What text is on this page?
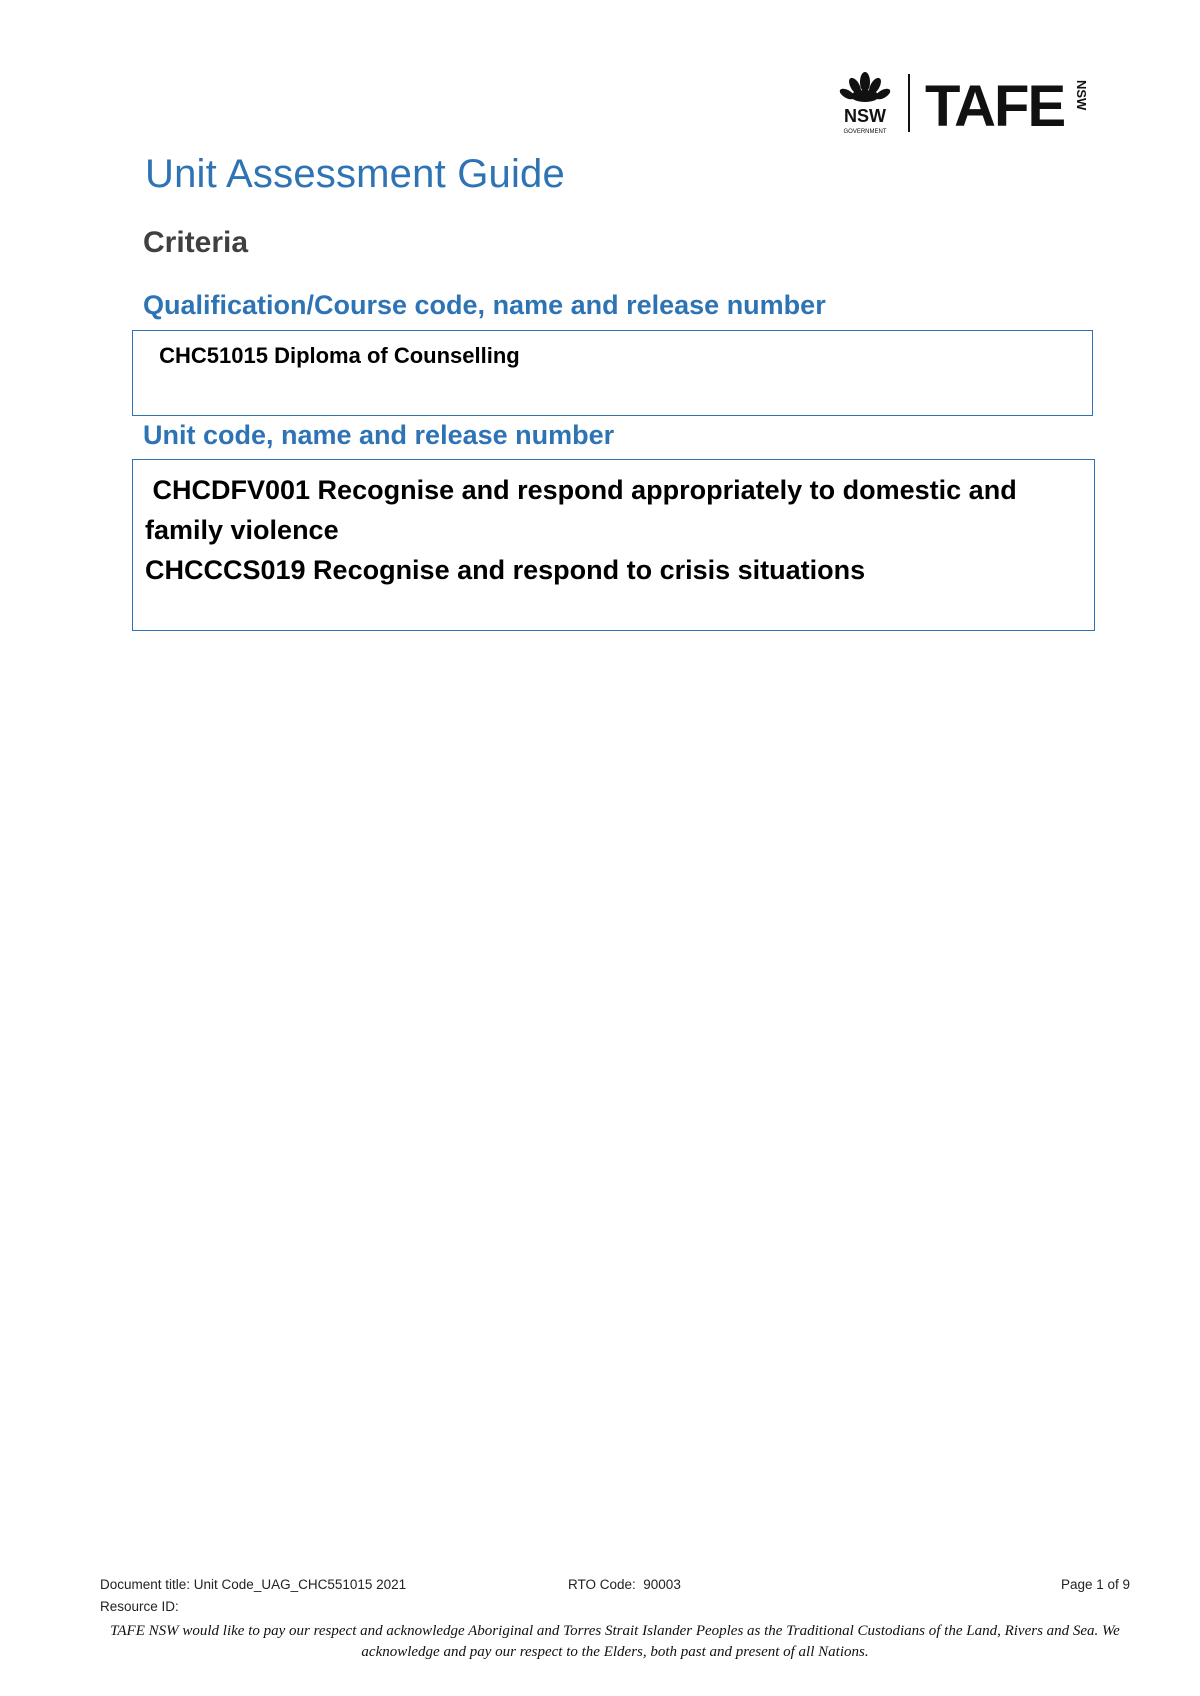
NSW
GOVERNMENT TAFE NSW
Unit Assessment Guide
Criteria
Qualification/Course code, name and release number
CHC51015 Diploma of Counselling
Unit code, name and release number
CHCDFV001 Recognise and respond appropriately to domestic and family violence
CHCCCS019 Recognise and respond to crisis situations
Document title: Unit Code_UAG_CHC551015 2021	RTO Code:  90003	Page 1 of 9
Resource ID:
TAFE NSW would like to pay our respect and acknowledge Aboriginal and Torres Strait Islander Peoples as the Traditional Custodians of the Land, Rivers and Sea. We acknowledge and pay our respect to the Elders, both past and present of all Nations.
